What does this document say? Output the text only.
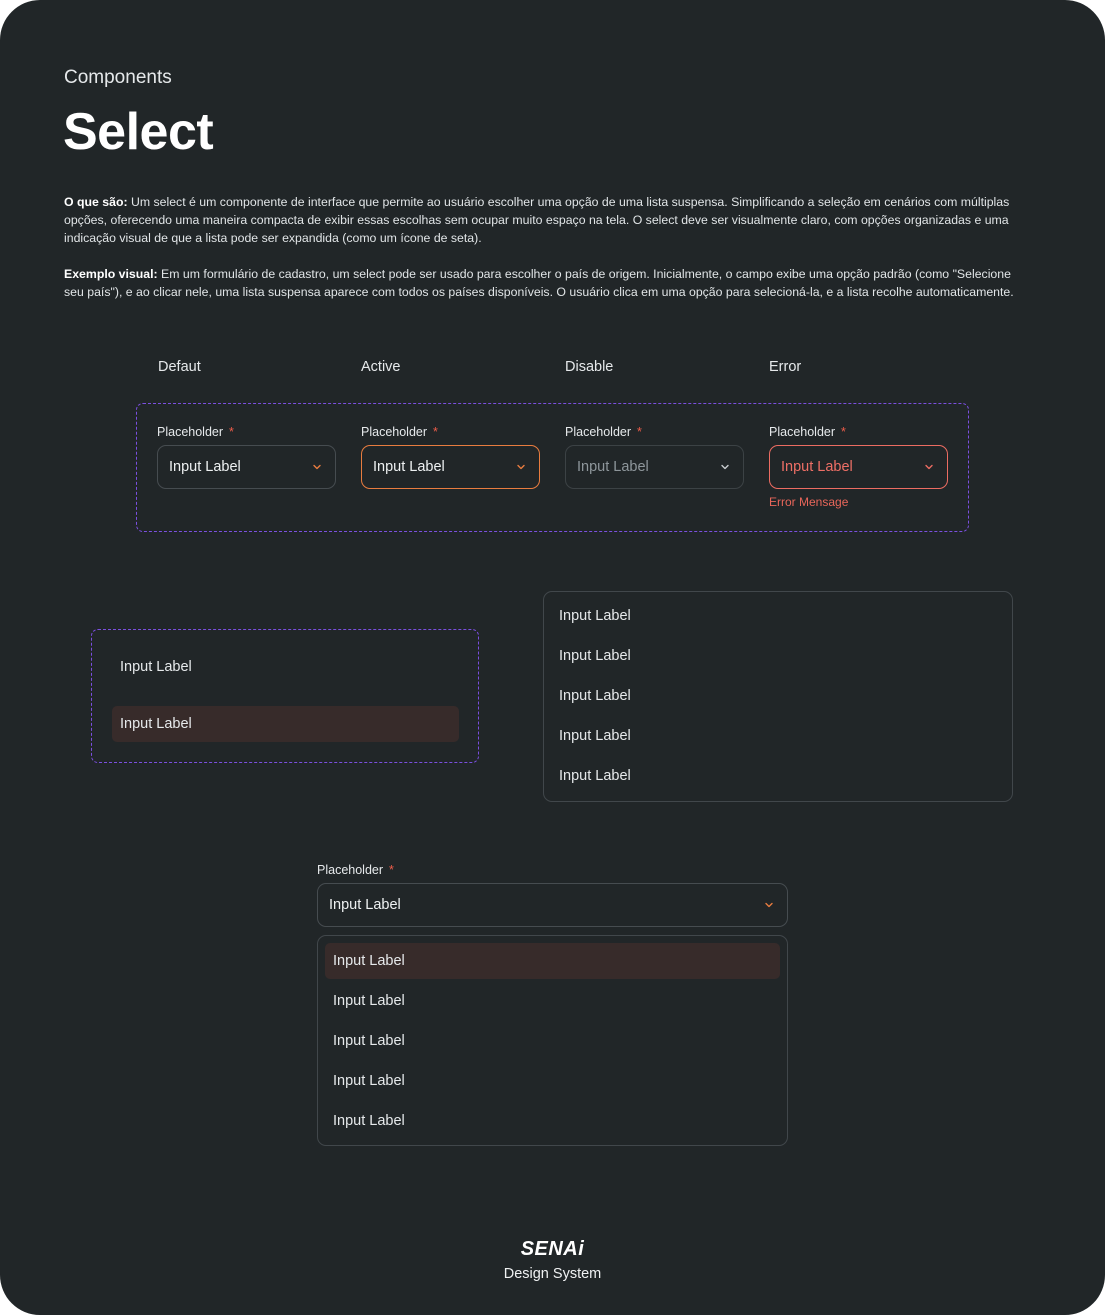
Components
Select

O que são: Um select é um componente de interface que permite ao usuário escolher uma opção de uma lista suspensa. Simplificando a seleção em cenários com múltiplas opções, oferecendo uma maneira compacta de exibir essas escolhas sem ocupar muito espaço na tela. O select deve ser visualmente claro, com opções organizadas e uma indicação visual de que a lista pode ser expandida (como um ícone de seta).

Exemplo visual: Em um formulário de cadastro, um select pode ser usado para escolher o país de origem. Inicialmente, o campo exibe uma opção padrão (como "Selecione seu país"), e ao clicar nele, uma lista suspensa aparece com todos os países disponíveis. O usuário clica em uma opção para selecioná-la, e a lista recolhe automaticamente.

Defaut	Active	Disable	Error
Placeholder *
Input Label
Placeholder *
Input Label
Placeholder *
Input Label
Placeholder *
Input Label
Error Mensage
Input Label
Input Label
Input Label
Input Label
Input Label
Input Label
Input Label
Placeholder *
Input Label
Input Label
Input Label
Input Label
Input Label
Input Label
SENAi
Design System
